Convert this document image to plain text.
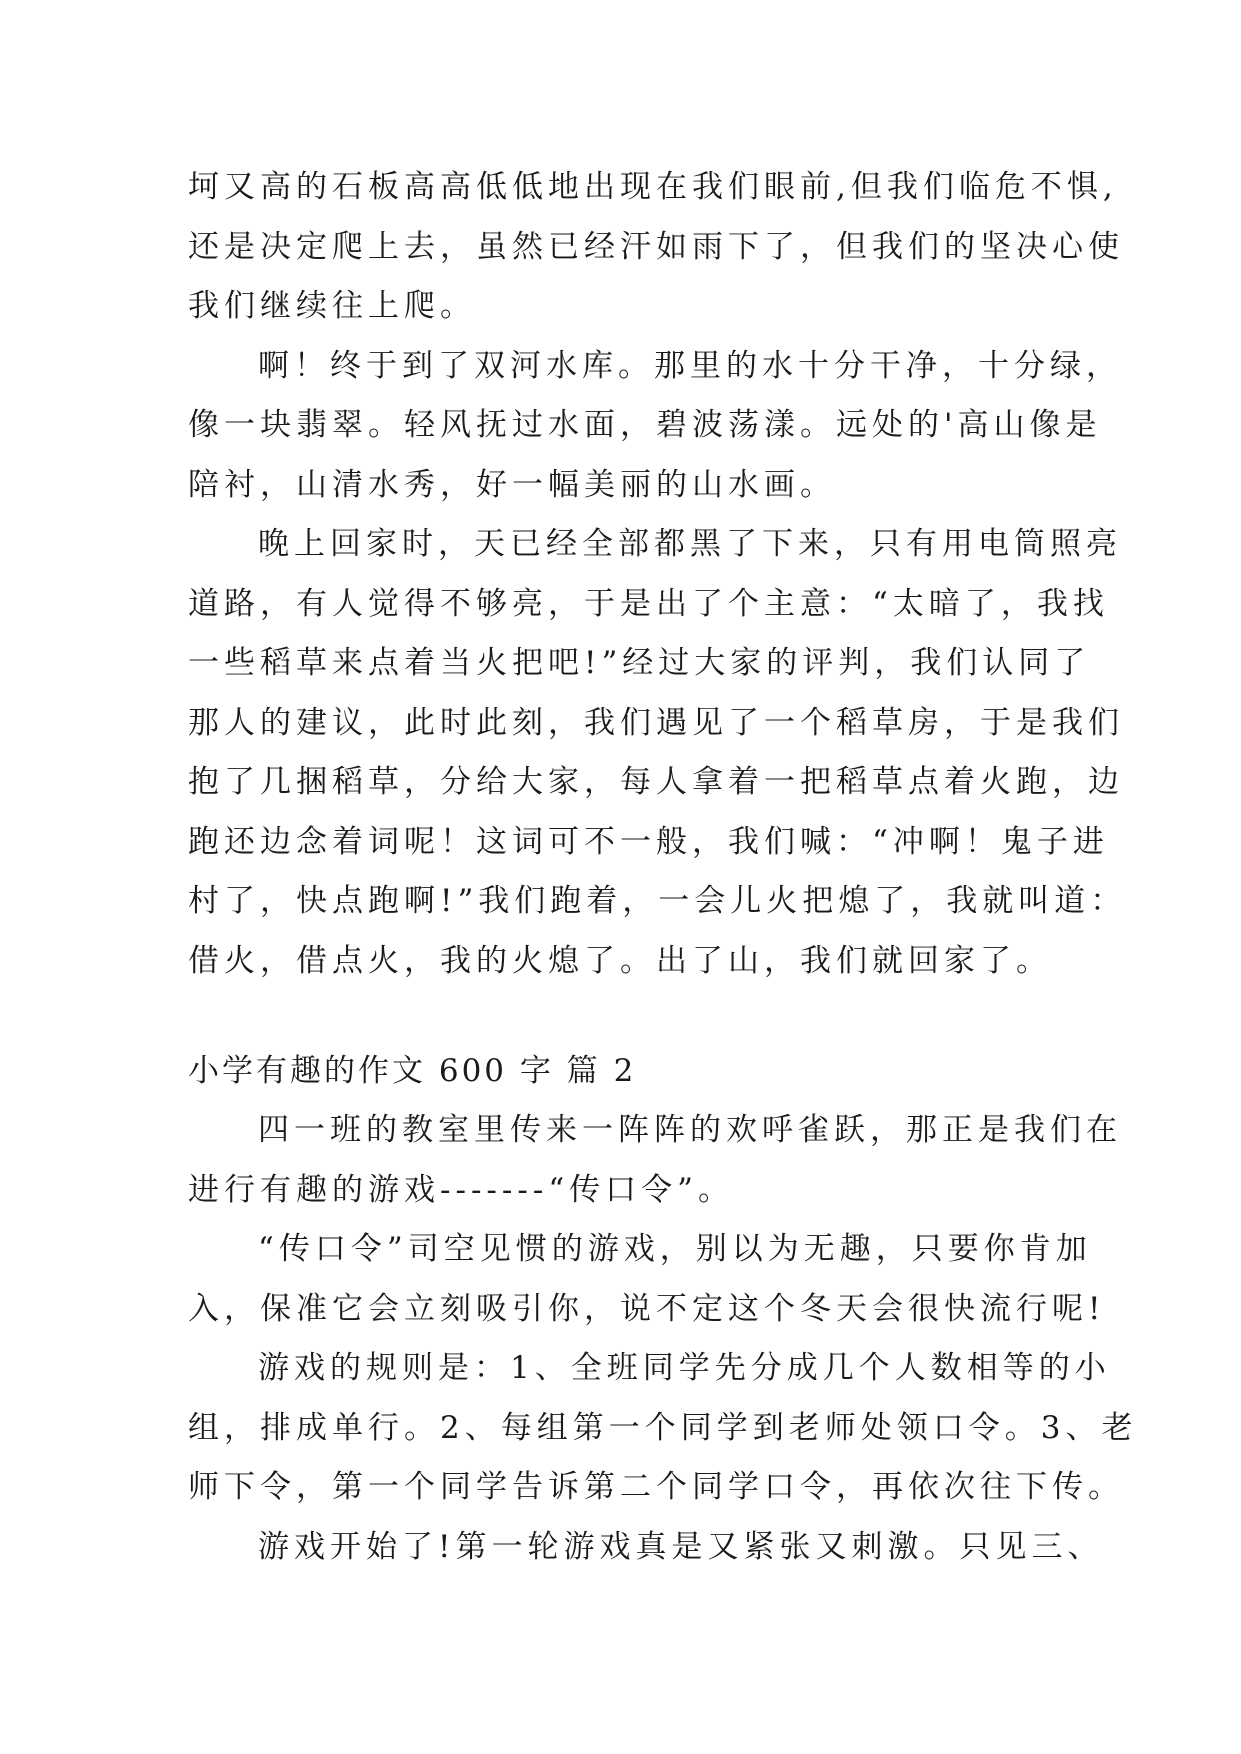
坷又高的石板高高低低地出现在我们眼前,但我们临危不惧,
还是决定爬上去，虽然已经汗如雨下了，但我们的坚决心使
我们继续往上爬。
啊！终于到了双河水库。那里的水十分干净，十分绿，
像一块翡翠。轻风抚过水面，碧波荡漾。远处的'高山像是
陪衬，山清水秀，好一幅美丽的山水画。
晚上回家时，天已经全部都黑了下来，只有用电筒照亮
道路，有人觉得不够亮，于是出了个主意：“太暗了，我找
一些稻草来点着当火把吧!”经过大家的评判，我们认同了
那人的建议，此时此刻，我们遇见了一个稻草房，于是我们
抱了几捆稻草，分给大家，每人拿着一把稻草点着火跑，边
跑还边念着词呢！这词可不一般，我们喊：“冲啊！鬼子进
村了，快点跑啊!”我们跑着，一会儿火把熄了，我就叫道：
借火，借点火，我的火熄了。出了山，我们就回家了。
小学有趣的作文 600 字 篇 2
四一班的教室里传来一阵阵的欢呼雀跃，那正是我们在
进行有趣的游戏-------“传口令”。
“传口令”司空见惯的游戏，别以为无趣，只要你肯加
入，保准它会立刻吸引你，说不定这个冬天会很快流行呢!
游戏的规则是：1、全班同学先分成几个人数相等的小
组，排成单行。2、每组第一个同学到老师处领口令。3、老
师下令，第一个同学告诉第二个同学口令，再依次往下传。
游戏开始了!第一轮游戏真是又紧张又刺激。只见三、
